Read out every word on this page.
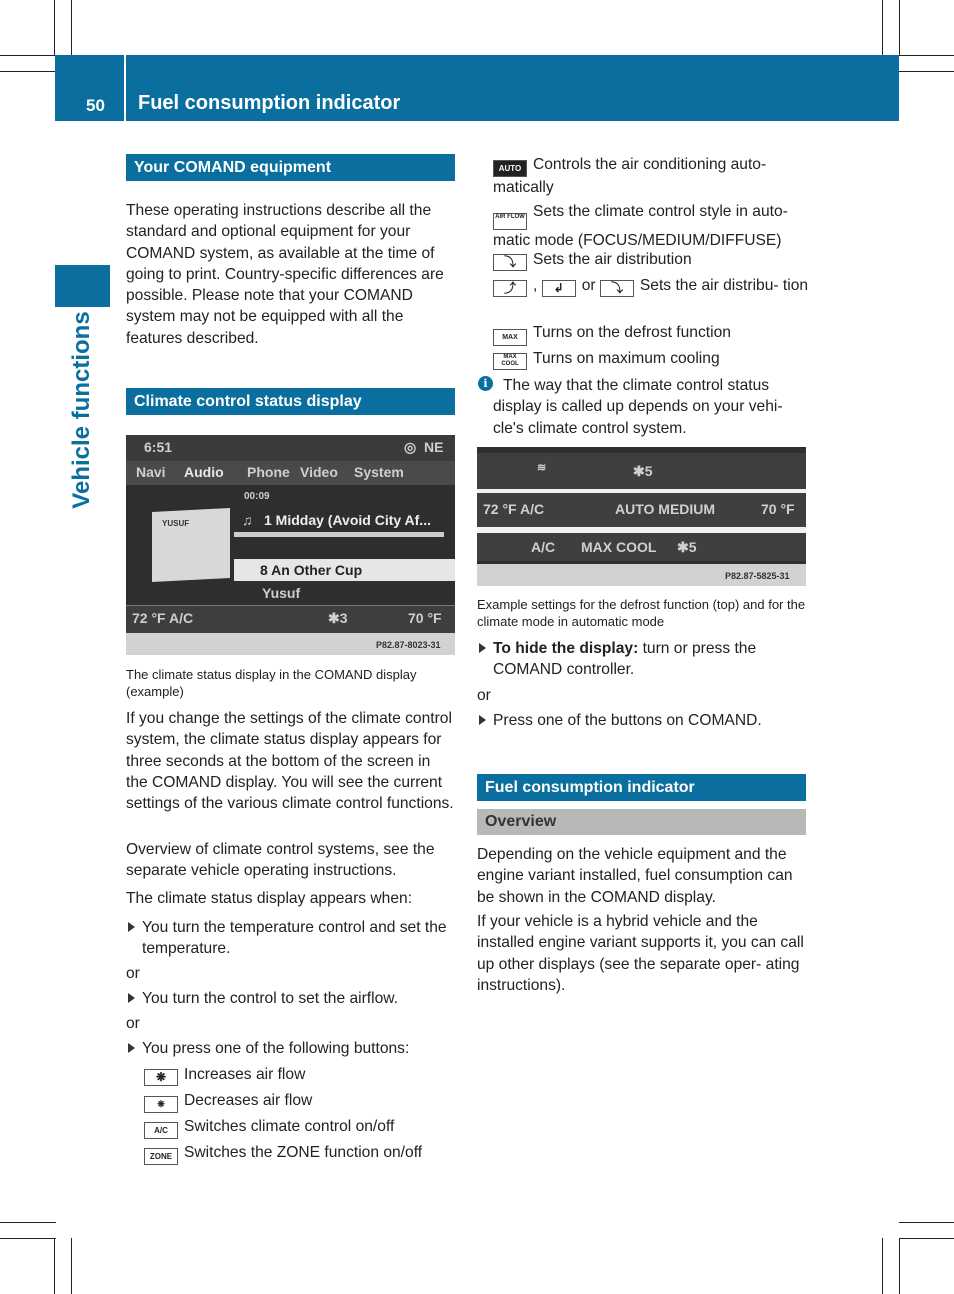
50 Fuel consumption indicator
Vehicle functions
Your COMAND equipment
These operating instructions describe all the standard and optional equipment for your COMAND system, as available at the time of going to print. Country-specific differences are possible. Please note that your COMAND system may not be equipped with all the features described.
Climate control status display
6:51	◎ NE
Navi Audio Phone Video System
YUSUF
00:09
♫ 1 Midday (Avoid City Af...
8 An Other Cup
Yusuf
72 °F A/C	✱3	70 °F
P82.87-8023-31
The climate status display in the COMAND display (example)
If you change the settings of the climate control system, the climate status display appears for three seconds at the bottom of the screen in the COMAND display. You will see the current settings of the various climate control functions.
Overview of climate control systems, see the separate vehicle operating instructions.
The climate status display appears when:
You turn the temperature control and set the temperature.
or
You turn the control to set the airflow.
or
You press one of the following buttons:
❋ Increases air flow
❋ Decreases air flow
A/C Switches climate control on/off
ZONE Switches the ZONE function on/off
AUTO Controls the air conditioning auto- matically
AIR FLOW Sets the climate control style in auto- matic mode (FOCUS/MEDIUM/DIFFUSE)
⤵ Sets the air distribution
⤴ , ↲ or ⤵ Sets the air distribu- tion
MAX Turns on the defrost function
MAX COOL Turns on maximum cooling
i The way that the climate control status display is called up depends on your vehi- cle's climate control system.
≋	✱5
72 °F A/C	AUTO MEDIUM	70 °F
A/C MAX COOL ✱5
P82.87-5825-31
Example settings for the defrost function (top) and for the climate mode in automatic mode
To hide the display: turn or press the COMAND controller.
or
Press one of the buttons on COMAND.
Fuel consumption indicator
Overview
Depending on the vehicle equipment and the engine variant installed, fuel consumption can be shown in the COMAND display.
If your vehicle is a hybrid vehicle and the installed engine variant supports it, you can call up other displays (see the separate oper- ating instructions).
